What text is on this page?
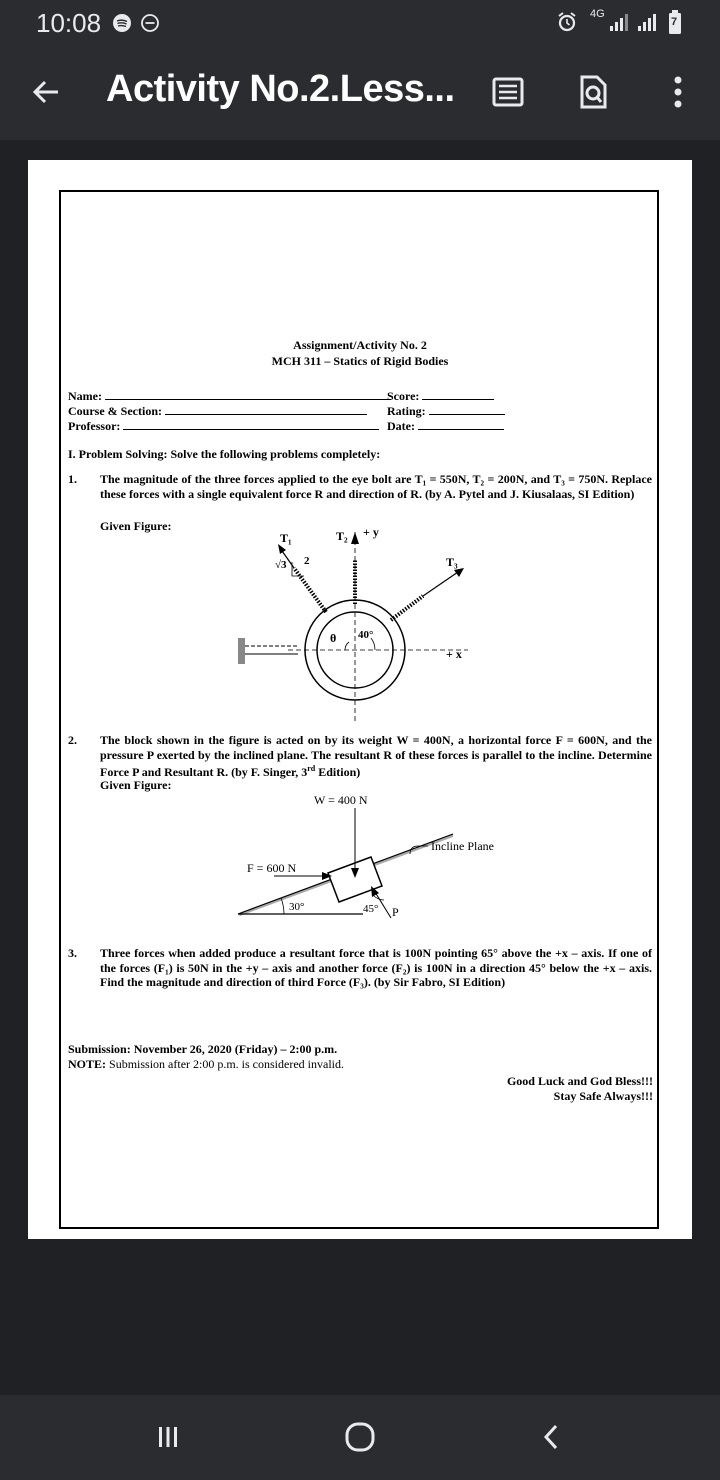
10:08	4G
7
Activity No.2.Less...
Assignment/Activity No. 2
MCH 311 – Statics of Rigid Bodies
Name:
Course & Section:
Professor:
Score:
Rating:
Date:
I. Problem Solving: Solve the following problems completely:
1. The magnitude of the three forces applied to the eye bolt are T₁ = 550N, T₂ = 200N, and T₃ = 750N. Replace these forces with a single equivalent force R and direction of R. (by A. Pytel and J. Kiusalaas, SI Edition)
Given Figure:
T₁
√3 2
T₂ + y
T₃
+ x
θ 40°
2. The block shown in the figure is acted on by its weight W = 400N, a horizontal force F = 600N, and the pressure P exerted by the inclined plane. The resultant R of these forces is parallel to the incline. Determine Force P and Resultant R. (by F. Singer, 3rd Edition)
Given Figure:
W = 400 N
Incline Plane
F = 600 N
30°	45° P
3. Three forces when added produce a resultant force that is 100N pointing 65° above the +x – axis. If one of the forces (F₁) is 50N in the +y – axis and another force (F₂) is 100N in a direction 45° below the +x – axis. Find the magnitude and direction of third Force (F₃). (by Sir Fabro, SI Edition)
Submission: November 26, 2020 (Friday) – 2:00 p.m.
NOTE: Submission after 2:00 p.m. is considered invalid.
Good Luck and God Bless!!!
Stay Safe Always!!!
